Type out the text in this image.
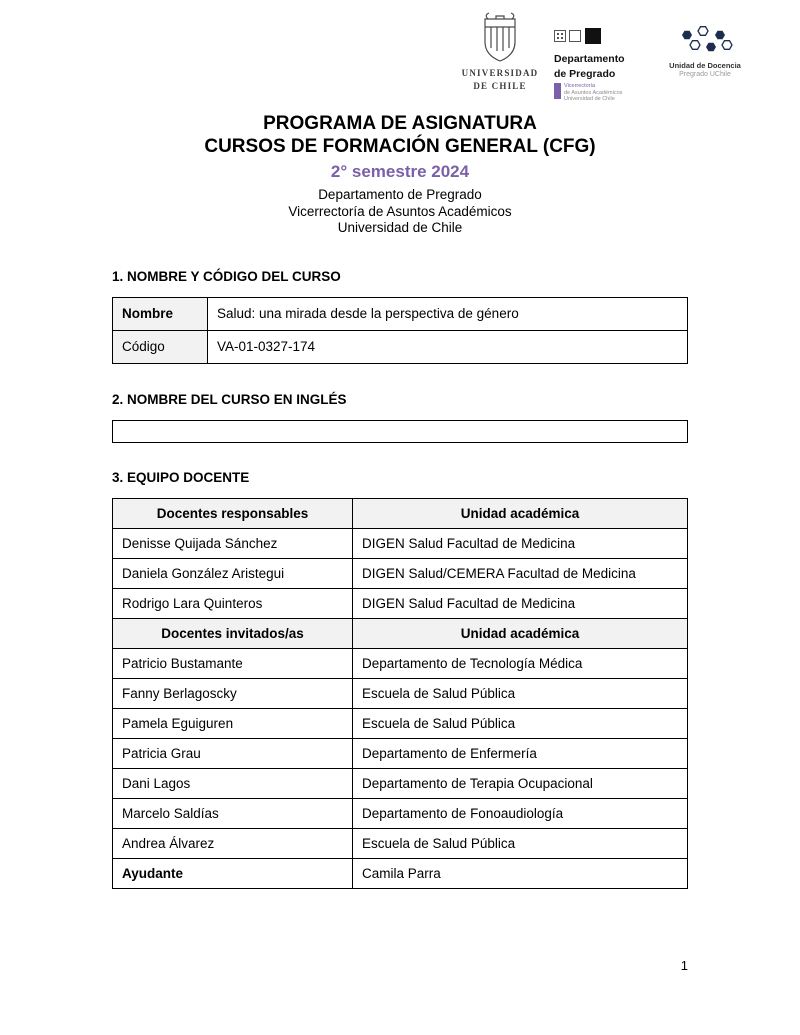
UNIVERSIDAD
DE CHILE
Departamento
de Pregrado
Vicerrectoría
de Asuntos Académicos
Universidad de Chile
Unidad de Docencia
Pregrado UChile
PROGRAMA DE ASIGNATURA
CURSOS DE FORMACIÓN GENERAL (CFG)
2° semestre 2024
Departamento de Pregrado
Vicerrectoría de Asuntos Académicos
Universidad de Chile
1. NOMBRE Y CÓDIGO DEL CURSO
Nombre	Salud: una mirada desde la perspectiva de género
Código	VA-01-0327-174
2. NOMBRE DEL CURSO EN INGLÉS
3. EQUIPO DOCENTE
Docentes responsables	Unidad académica
Denisse Quijada Sánchez	DIGEN Salud Facultad de Medicina
Daniela González Aristegui	DIGEN Salud/CEMERA Facultad de Medicina
Rodrigo Lara Quinteros	DIGEN Salud Facultad de Medicina
Docentes invitados/as	Unidad académica
Patricio Bustamante	Departamento de Tecnología Médica
Fanny Berlagoscky	Escuela de Salud Pública
Pamela Eguiguren	Escuela de Salud Pública
Patricia Grau	Departamento de Enfermería
Dani Lagos	Departamento de Terapia Ocupacional
Marcelo Saldías	Departamento de Fonoaudiología
Andrea Álvarez	Escuela de Salud Pública
Ayudante	Camila Parra
1
